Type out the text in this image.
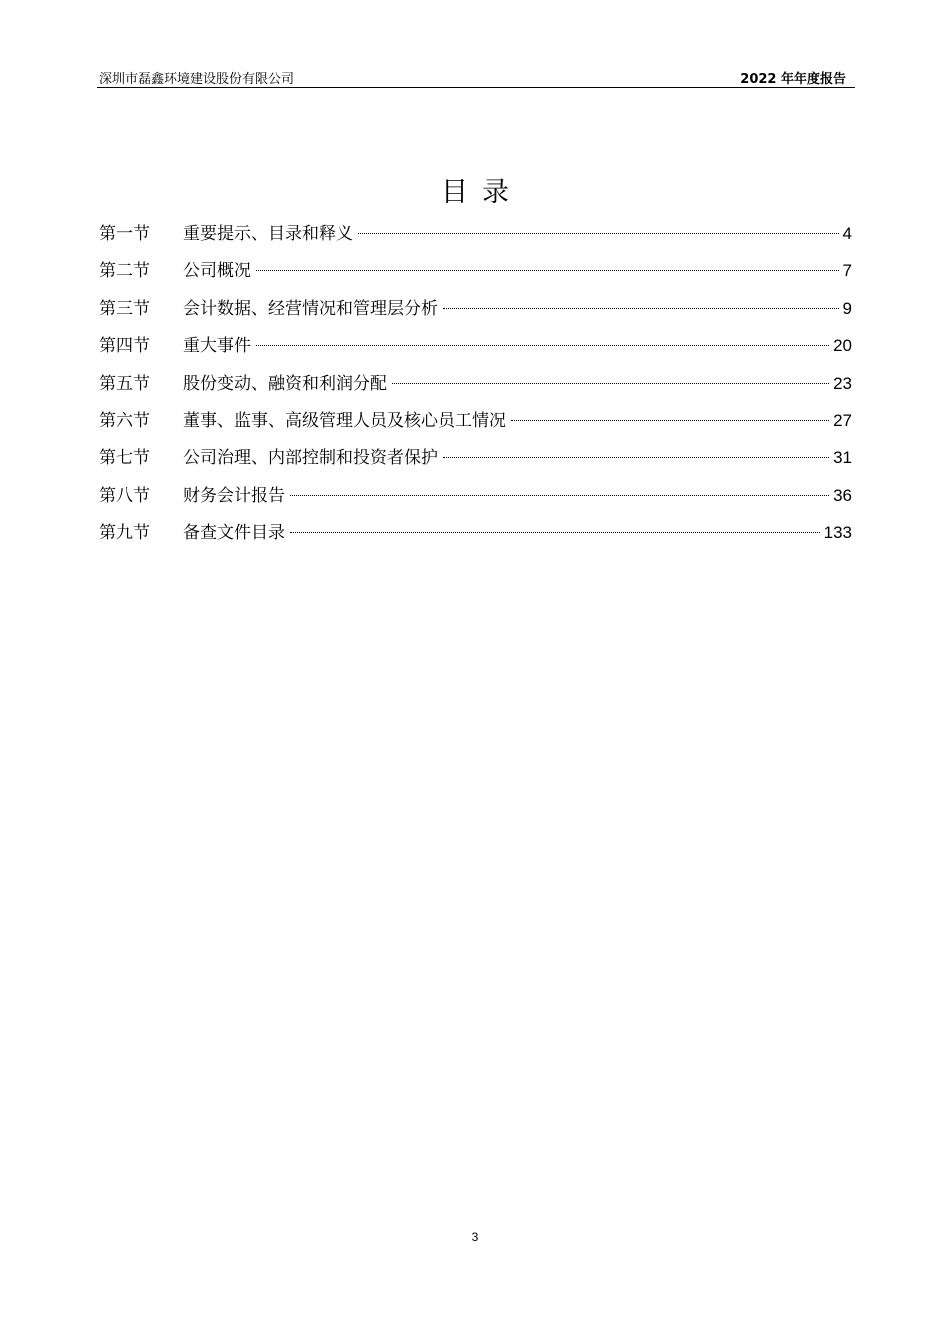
深圳市磊鑫环境建设股份有限公司	2022 年年度报告
目录
第一节	重要提示、目录和释义	4
第二节	公司概况	7
第三节	会计数据、经营情况和管理层分析	9
第四节	重大事件	20
第五节	股份变动、融资和利润分配	23
第六节	董事、监事、高级管理人员及核心员工情况	27
第七节	公司治理、内部控制和投资者保护	31
第八节	财务会计报告	36
第九节	备查文件目录	133
3
